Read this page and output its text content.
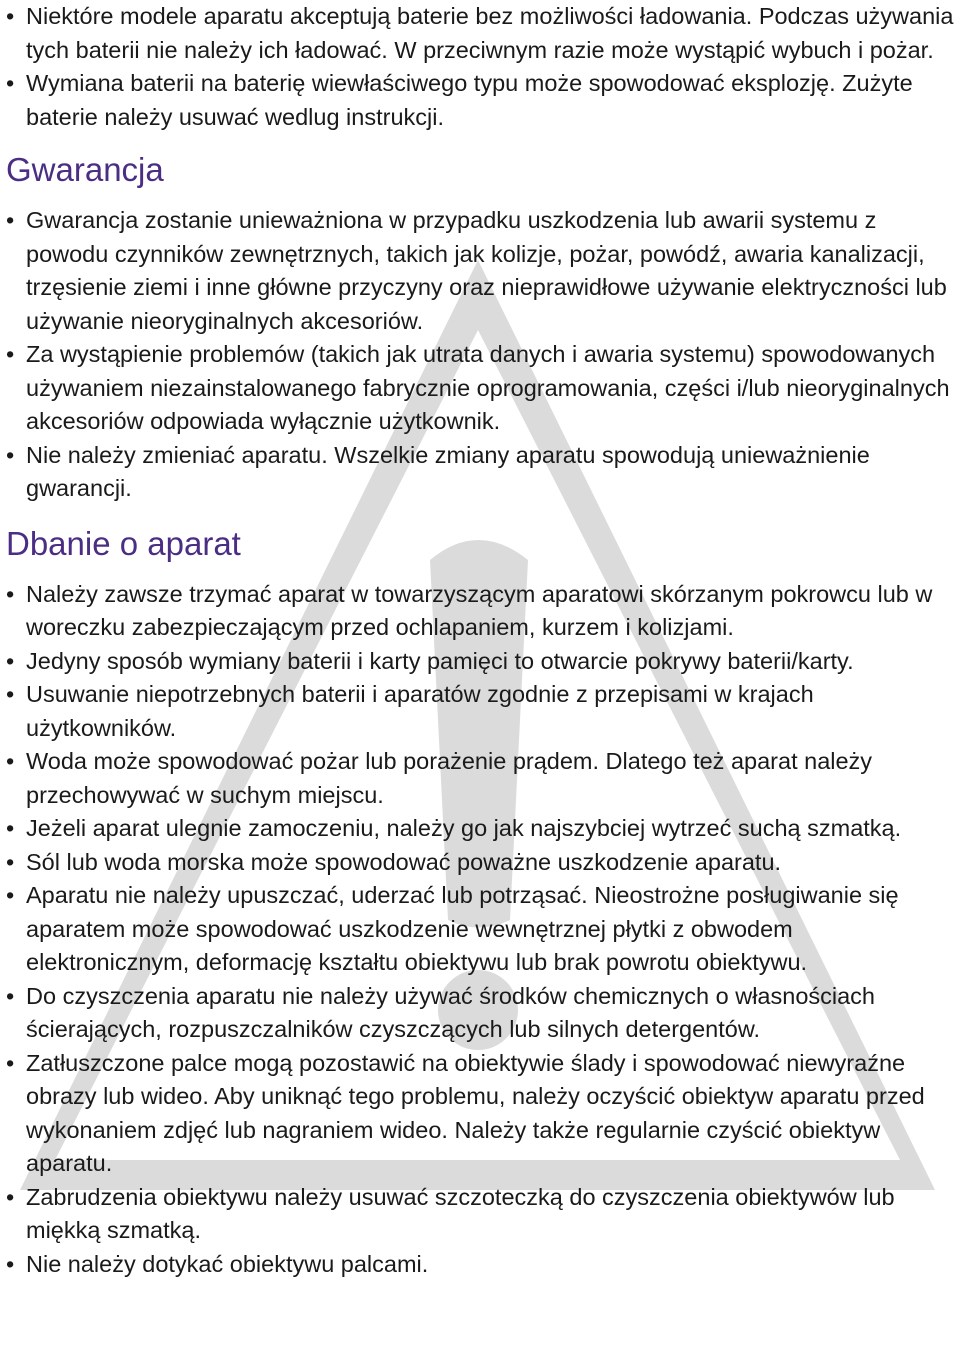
• Niektóre modele aparatu akceptują baterie bez możliwości ładowania. Podczas używania tych baterii nie należy ich ładować. W przeciwnym razie może wystąpić wybuch i pożar.
• Wymiana baterii na baterię wiewłaściwego typu może spowodować eksplozję. Zużyte baterie należy usuwać wedlug instrukcji.
Gwarancja
• Gwarancja zostanie unieważniona w przypadku uszkodzenia lub awarii systemu z powodu czynników zewnętrznych, takich jak kolizje, pożar, powódź, awaria kanalizacji, trzęsienie ziemi i inne główne przyczyny oraz nieprawidłowe używanie elektryczności lub używanie nieoryginalnych akcesoriów.
• Za wystąpienie problemów (takich jak utrata danych i awaria systemu) spowodowanych używaniem niezainstalowanego fabrycznie oprogramowania, części i/lub nieoryginalnych akcesoriów odpowiada wyłącznie użytkownik.
• Nie należy zmieniać aparatu. Wszelkie zmiany aparatu spowodują unieważnienie gwarancji.
Dbanie o aparat
• Należy zawsze trzymać aparat w towarzyszącym aparatowi skórzanym pokrowcu lub w woreczku zabezpieczającym przed ochlapaniem, kurzem i kolizjami.
• Jedyny sposób wymiany baterii i karty pamięci to otwarcie pokrywy baterii/karty.
• Usuwanie niepotrzebnych baterii i aparatów zgodnie z przepisami w krajach użytkowników.
• Woda może spowodować pożar lub porażenie prądem. Dlatego też aparat należy przechowywać w suchym miejscu.
• Jeżeli aparat ulegnie zamoczeniu, należy go jak najszybciej wytrzeć suchą szmatką.
• Sól lub woda morska może spowodować poważne uszkodzenie aparatu.
• Aparatu nie należy upuszczać, uderzać lub potrząsać. Nieostrożne posługiwanie się aparatem może spowodować uszkodzenie wewnętrznej płytki z obwodem elektronicznym, deformację kształtu obiektywu lub brak powrotu obiektywu.
• Do czyszczenia aparatu nie należy używać środków chemicznych o własnościach ścierających, rozpuszczalników czyszczących lub silnych detergentów.
• Zatłuszczone palce mogą pozostawić na obiektywie ślady i spowodować niewyraźne obrazy lub wideo. Aby uniknąć tego problemu, należy oczyścić obiektyw aparatu przed wykonaniem zdjęć lub nagraniem wideo. Należy także regularnie czyścić obiektyw aparatu.
• Zabrudzenia obiektywu należy usuwać szczoteczką do czyszczenia obiektywów lub miękką szmatką.
• Nie należy dotykać obiektywu palcami.
